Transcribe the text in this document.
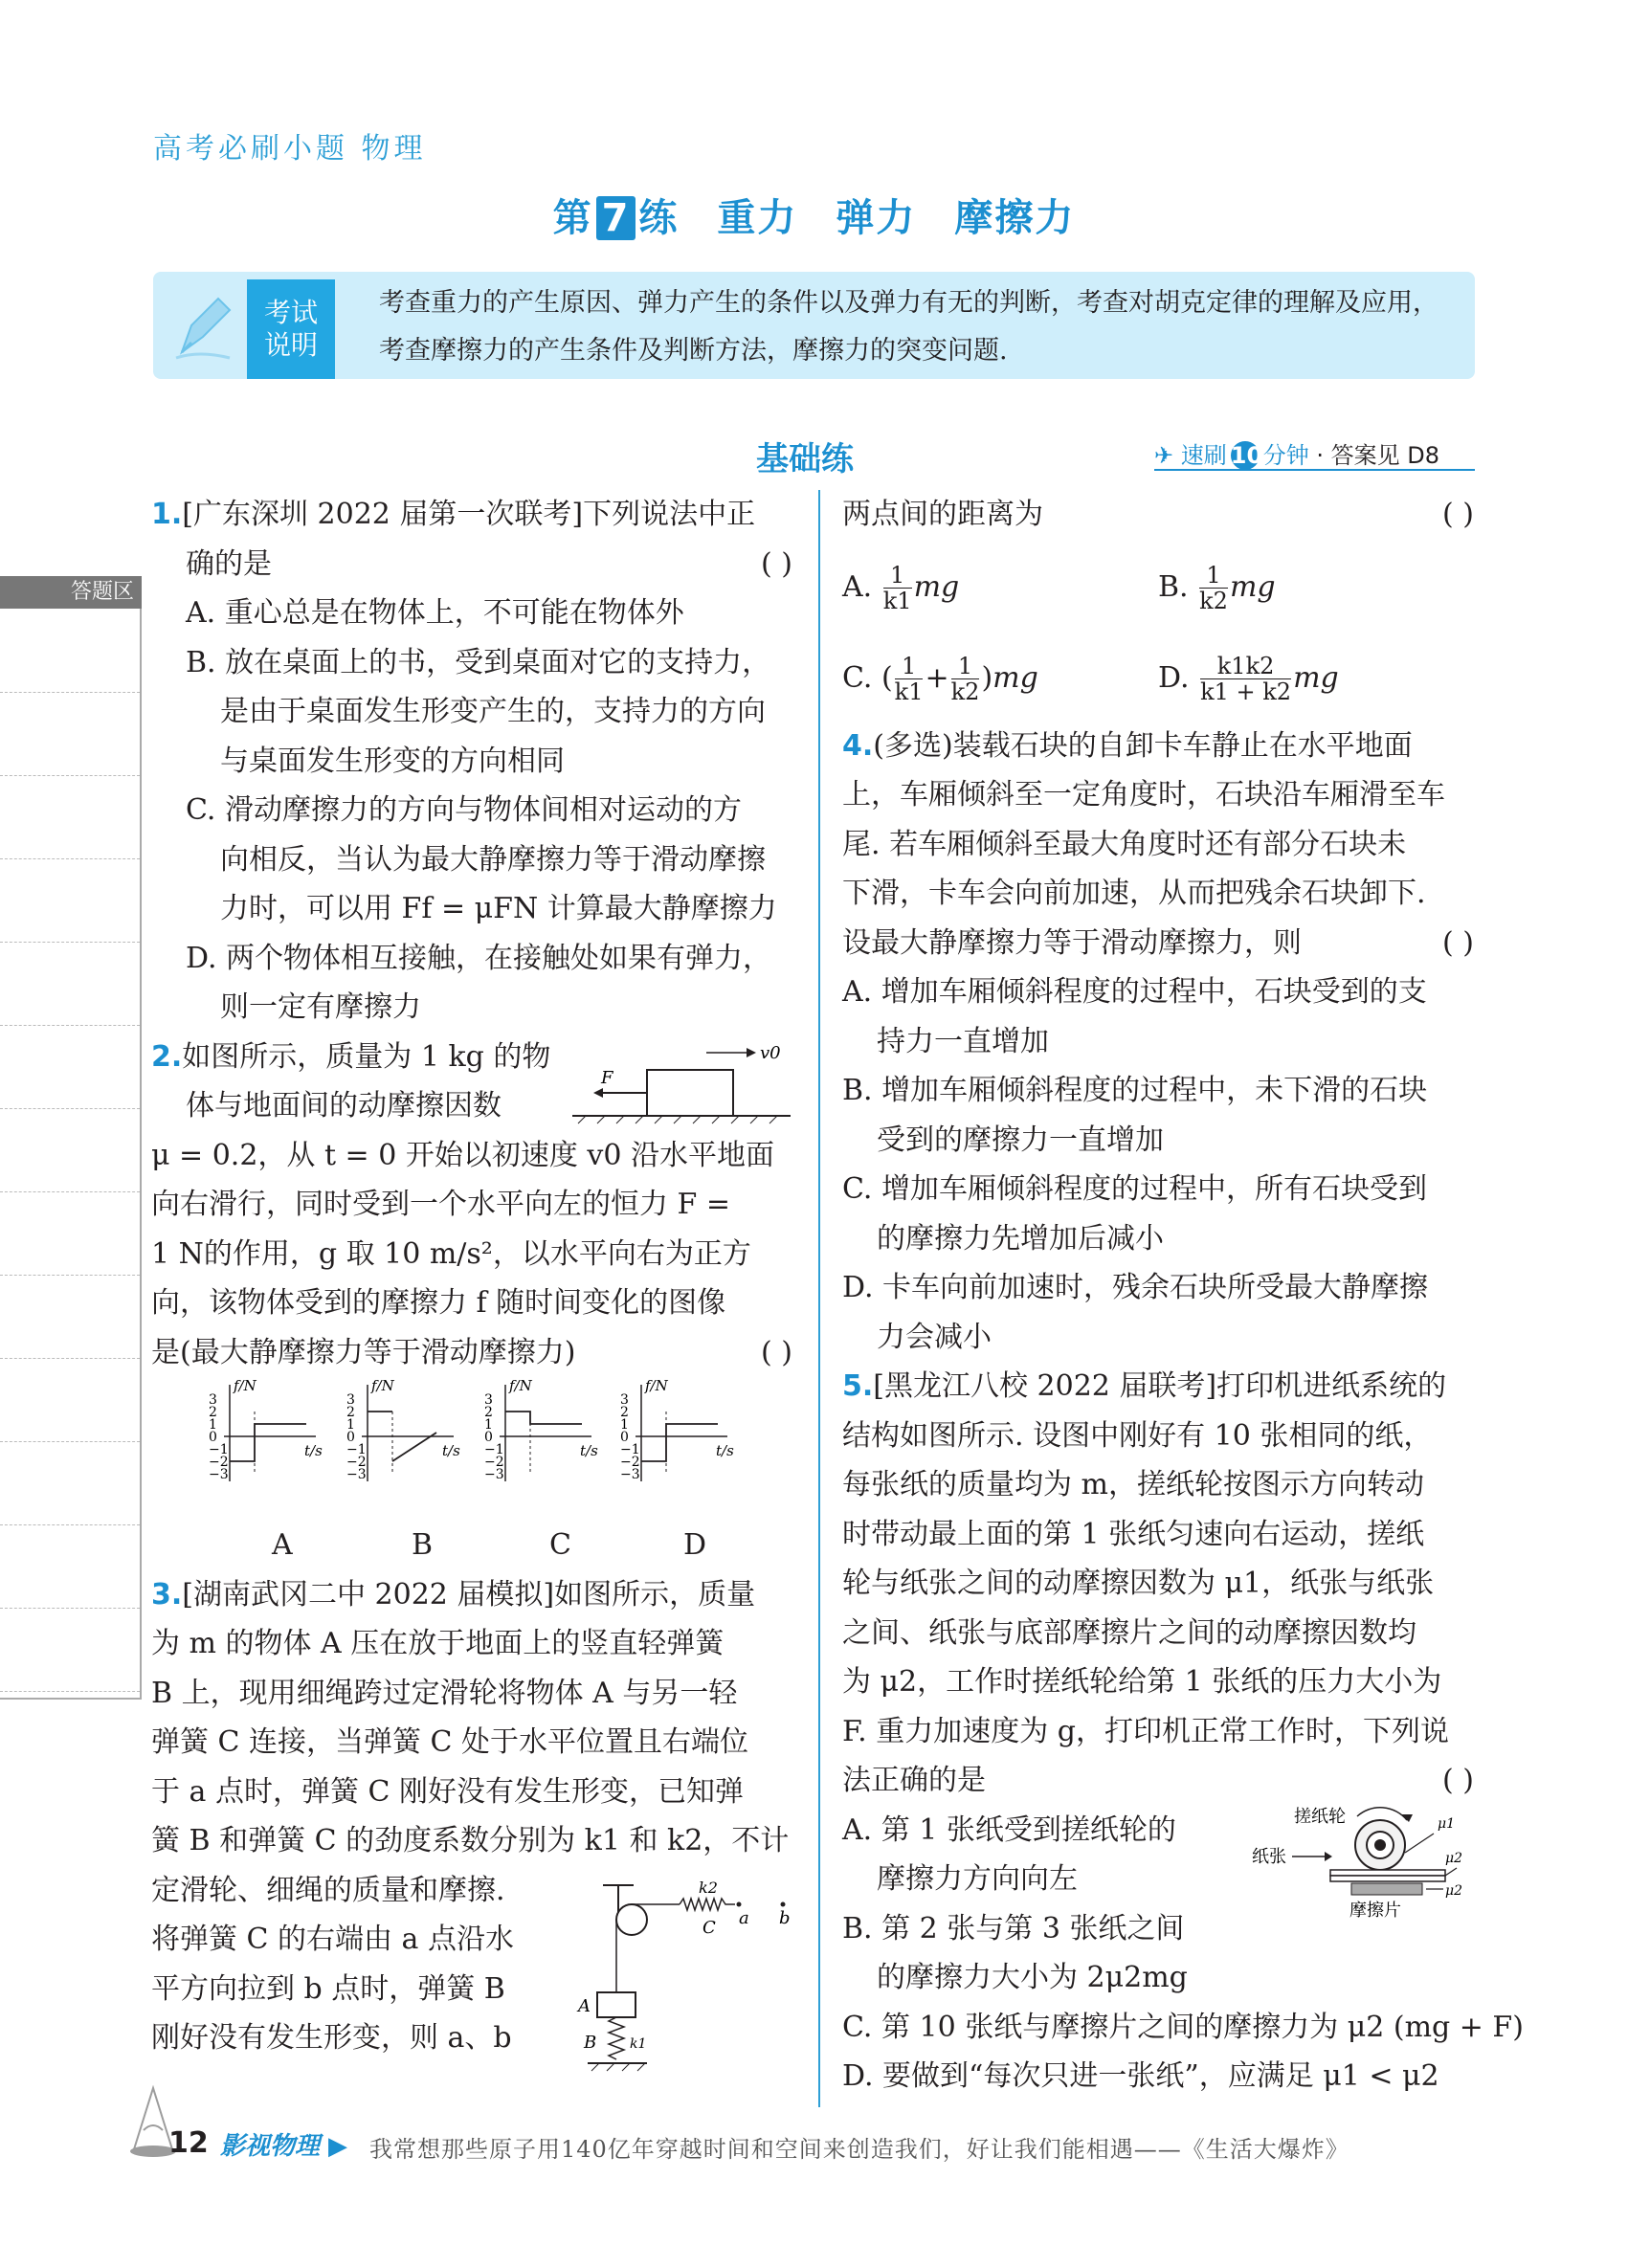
高考必刷小题 物理
第 7 练 重力 弹力 摩擦力
考试
说明
考查重力的产生原因、弹力产生的条件以及弹力有无的判断，考查对胡克定律的理解及应用，考查摩擦力的产生条件及判断方法，摩擦力的突变问题.
基础练	✈ 速刷 10分钟 · 答案见 D8
答题区
1.[广东深圳 2022 届第一次联考]下列说法中正
确的是	( )
A. 重心总是在物体上，不可能在物体外
B. 放在桌面上的书，受到桌面对它的支持力，
是由于桌面发生形变产生的，支持力的方向
与桌面发生形变的方向相同
C. 滑动摩擦力的方向与物体间相对运动的方
向相反，当认为最大静摩擦力等于滑动摩擦
力时，可以用 Ff = μFN 计算最大静摩擦力
D. 两个物体相互接触，在接触处如果有弹力，
则一定有摩擦力
2.如图所示，质量为 1 kg 的物
体与地面间的动摩擦因数
μ = 0.2，从 t = 0 开始以初速度 v0 沿水平地面
向右滑行，同时受到一个水平向左的恒力 F =
1 N的作用，g 取 10 m/s²，以水平向右为正方
向，该物体受到的摩擦力 f 随时间变化的图像
是(最大静摩擦力等于滑动摩擦力)	( )
f/N
t/s
3
2
1
0
−1
−2
−3
f/N
t/s
3
2
1
0
−1
−2
−3
f/N
t/s
3
2
1
0
−1
−2
−3
f/N
t/s
3
2
1
0
−1
−2
−3
A	B	C	D
3.[湖南武冈二中 2022 届模拟]如图所示，质量
为 m 的物体 A 压在放于地面上的竖直轻弹簧
B 上，现用细绳跨过定滑轮将物体 A 与另一轻
弹簧 C 连接，当弹簧 C 处于水平位置且右端位
于 a 点时，弹簧 C 刚好没有发生形变，已知弹
簧 B 和弹簧 C 的劲度系数分别为 k1 和 k2，不计
定滑轮、细绳的质量和摩擦.
将弹簧 C 的右端由 a 点沿水
平方向拉到 b 点时，弹簧 B
刚好没有发生形变，则 a、b
F
v0
k2
C a b
A
B k1
两点间的距离为	( )
A. $\frac{1}{k1}$ mg	B. $\frac{1}{k2}$ mg
C. ( $\frac{1}{k1} + \frac{1}{k2} )mg$	D. $\frac{k1k2}{k1 + k2}$ mg
4.(多选)装载石块的自卸卡车静止在水平地面
上，车厢倾斜至一定角度时，石块沿车厢滑至车
尾. 若车厢倾斜至最大角度时还有部分石块未
下滑，卡车会向前加速，从而把残余石块卸下.
设最大静摩擦力等于滑动摩擦力，则	( )
A. 增加车厢倾斜程度的过程中，石块受到的支
持力一直增加
B. 增加车厢倾斜程度的过程中，未下滑的石块
受到的摩擦力一直增加
C. 增加车厢倾斜程度的过程中，所有石块受到
的摩擦力先增加后减小
D. 卡车向前加速时，残余石块所受最大静摩擦
力会减小
5.[黑龙江八校 2022 届联考]打印机进纸系统的
结构如图所示. 设图中刚好有 10 张相同的纸，
每张纸的质量均为 m，搓纸轮按图示方向转动
时带动最上面的第 1 张纸匀速向右运动，搓纸
轮与纸张之间的动摩擦因数为 μ1，纸张与纸张
之间、纸张与底部摩擦片之间的动摩擦因数均
为 μ2，工作时搓纸轮给第 1 张纸的压力大小为
F. 重力加速度为 g，打印机正常工作时，下列说
法正确的是	( )
A. 第 1 张纸受到搓纸轮的
摩擦力方向向左
B. 第 2 张与第 3 张纸之间
的摩擦力大小为 2μ2mg
C. 第 10 张纸与摩擦片之间的摩擦力为 μ2 (mg + F)
D. 要做到“每次只进一张纸”，应满足 μ1 < μ2
搓纸轮
纸张
摩擦片
μ1
μ2
μ2
12 影视物理 ▶ 我常想那些原子用140亿年穿越时间和空间来创造我们，好让我们能相遇——《生活大爆炸》
